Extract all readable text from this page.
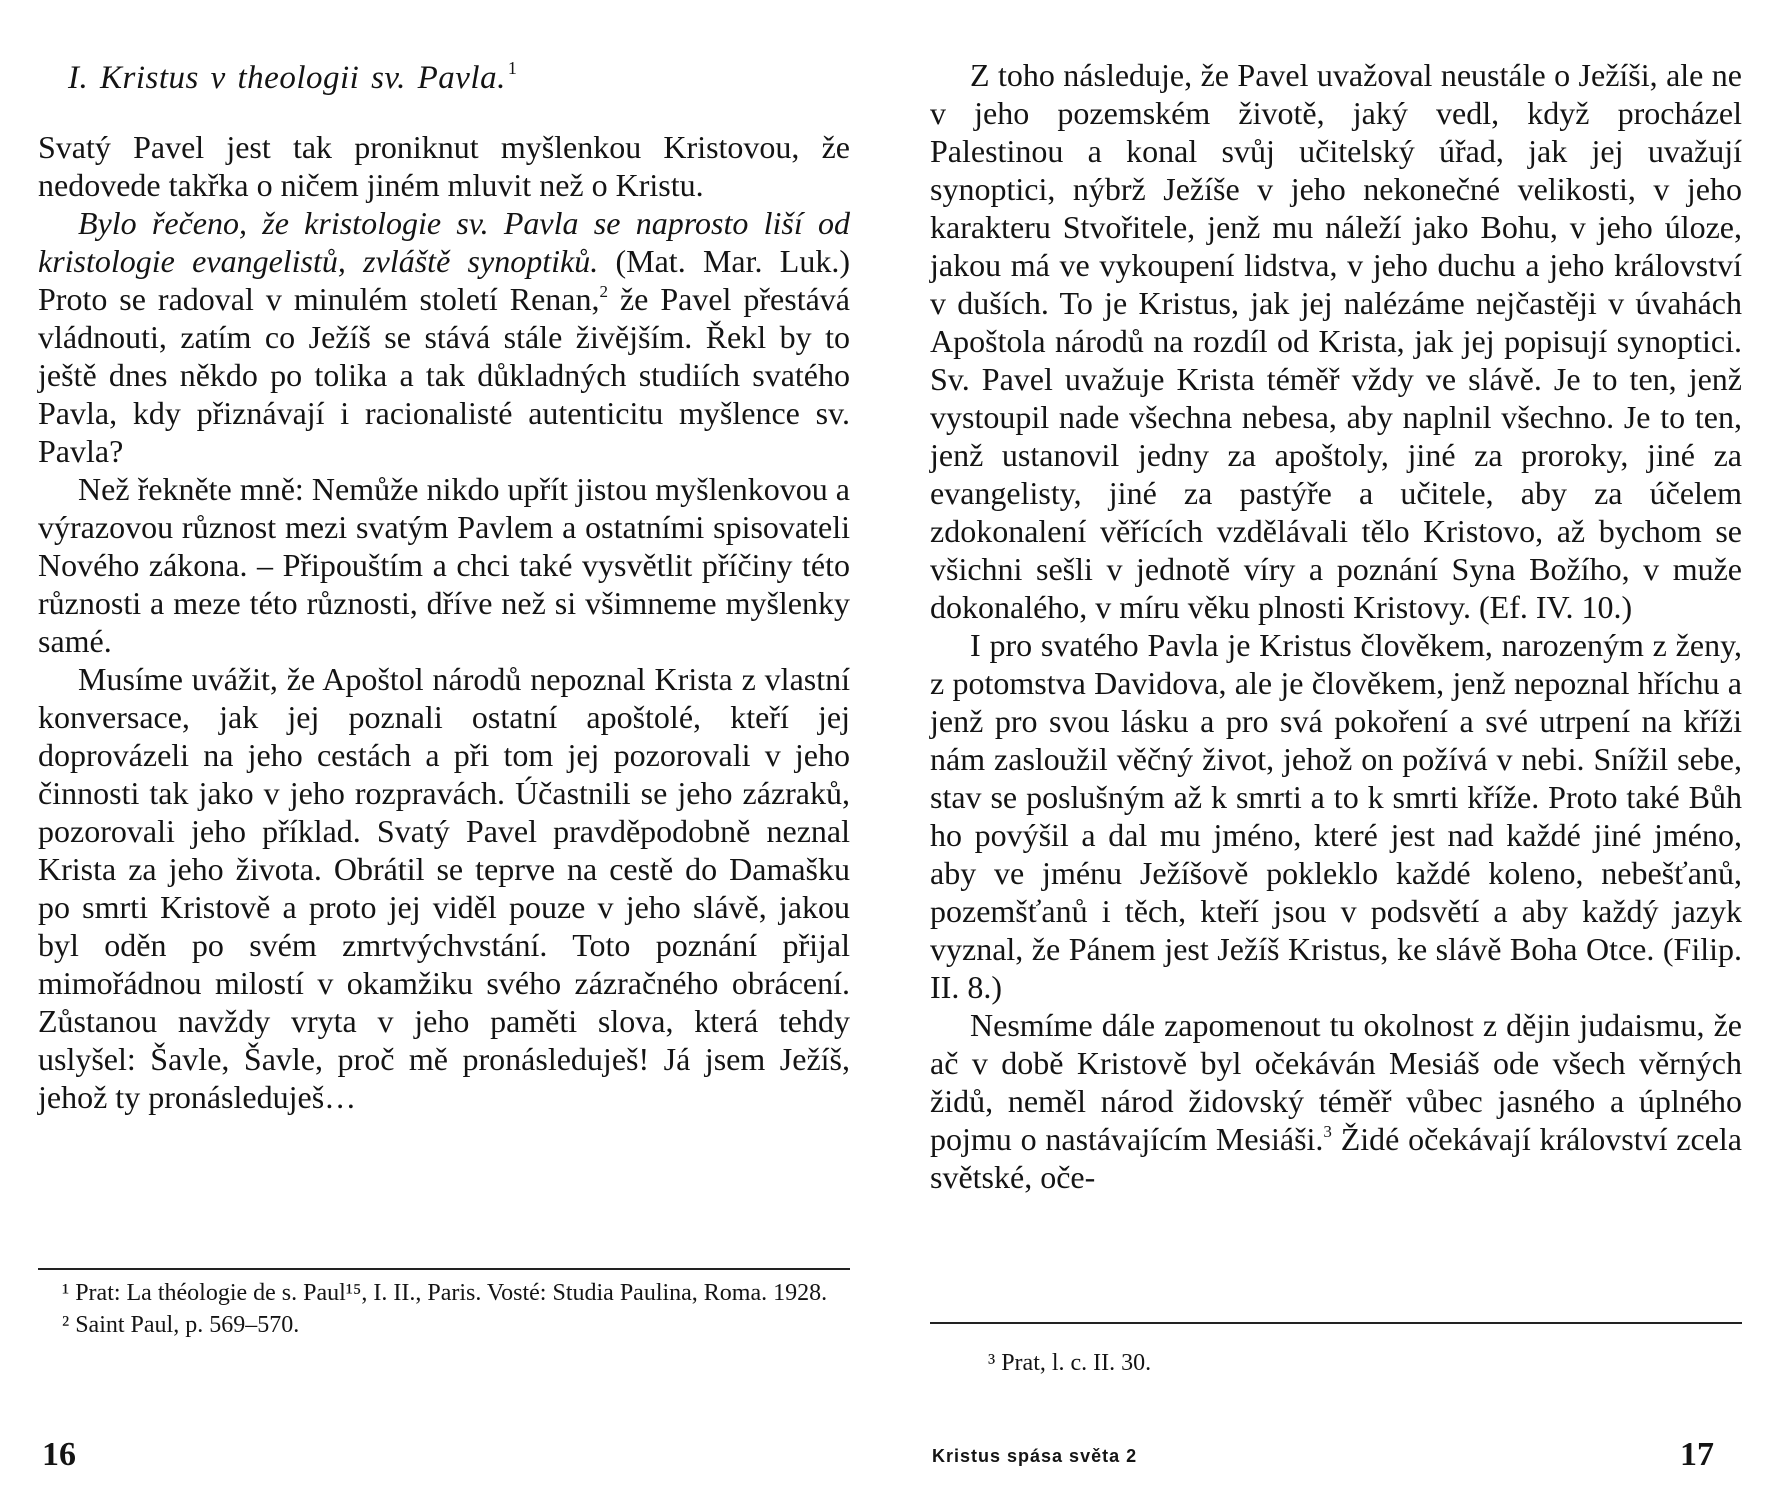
I. Kristus v theologii sv. Pavla. $^1$

Svatý Pavel jest tak proniknut myšlenkou Kristovou, že nedovede takřka o ničem jiném mluvit než o Kristu.

Bylo řečeno, že kristologie sv. Pavla se naprosto liší od kristologie evangelistů, zvláště synoptiků. (Mat. Mar. Luk.) Proto se radoval v minulém století Renan,$^2$ že Pavel přestává vládnouti, zatím co Ježíš se stává stále živějším. Řekl by to ještě dnes někdo po tolika a tak důkladných studiích svatého Pavla, kdy přiznávají i racionalisté autenticitu myšlence sv. Pavla?

Než řekněte mně: Nemůže nikdo upřít jistou myšlenkovou a výrazovou různost mezi svatým Pavlem a ostatními spisovateli Nového zákona. – Připouštím a chci také vysvětlit příčiny této různosti a meze této různosti, dříve než si všimneme myšlenky samé.

Musíme uvážit, že Apoštol národů nepoznal Krista z vlastní konversace, jak jej poznali ostatní apoštolé, kteří jej doprovázeli na jeho cestách a při tom jej pozorovali v jeho činnosti tak jako v jeho rozpravách. Účastnili se jeho zázraků, pozorovali jeho příklad. Svatý Pavel pravděpodobně neznal Krista za jeho života. Obrátil se teprve na cestě do Damašku po smrti Kristově a proto jej viděl pouze v jeho slávě, jakou byl oděn po svém zmrtvýchvstání. Toto poznání přijal mimořádnou milostí v okamžiku svého zázračného obrácení. Zůstanou navždy vryta v jeho paměti slova, která tehdy uslyšel: Šavle, Šavle, proč mě pronásleduješ! Já jsem Ježíš, jehož ty pronásleduješ…

¹ Prat: La théologie de s. Paul¹⁵, I. II., Paris. Vosté: Studia Paulina, Roma. 1928.

² Saint Paul, p. 569–570.

16

Z toho následuje, že Pavel uvažoval neustále o Ježíši, ale ne v jeho pozemském životě, jaký vedl, když procházel Palestinou a konal svůj učitelský úřad, jak jej uvažují synoptici, nýbrž Ježíše v jeho nekonečné velikosti, v jeho karakteru Stvořitele, jenž mu náleží jako Bohu, v jeho úloze, jakou má ve vykoupení lidstva, v jeho duchu a jeho království v duších. To je Kristus, jak jej nalézáme nejčastěji v úvahách Apoštola národů na rozdíl od Krista, jak jej popisují synoptici. Sv. Pavel uvažuje Krista téměř vždy ve slávě. Je to ten, jenž vystoupil nade všechna nebesa, aby naplnil všechno. Je to ten, jenž ustanovil jedny za apoštoly, jiné za proroky, jiné za evangelisty, jiné za pastýře a učitele, aby za účelem zdokonalení věřících vzdělávali tělo Kristovo, až bychom se všichni sešli v jednotě víry a poznání Syna Božího, v muže dokonalého, v míru věku plnosti Kristovy. (Ef. IV. 10.)

I pro svatého Pavla je Kristus člověkem, narozeným z ženy, z potomstva Davidova, ale je člověkem, jenž nepoznal hříchu a jenž pro svou lásku a pro svá pokoření a své utrpení na kříži nám zasloužil věčný život, jehož on požívá v nebi. Snížil sebe, stav se poslušným až k smrti a to k smrti kříže. Proto také Bůh ho povýšil a dal mu jméno, které jest nad každé jiné jméno, aby ve jménu Ježíšově pokleklo každé koleno, nebešťanů, pozemšťanů i těch, kteří jsou v podsvětí a aby každý jazyk vyznal, že Pánem jest Ježíš Kristus, ke slávě Boha Otce. (Filip. II. 8.)

Nesmíme dále zapomenout tu okolnost z dějin judaismu, že ač v době Kristově byl očekáván Mesiáš ode všech věrných židů, neměl národ židovský téměř vůbec jasného a úplného pojmu o nastávajícím Mesiáši.$^3$ Židé očekávají království zcela světské, oče-

³ Prat, l. c. II. 30.

Kristus spása světa 2	17
